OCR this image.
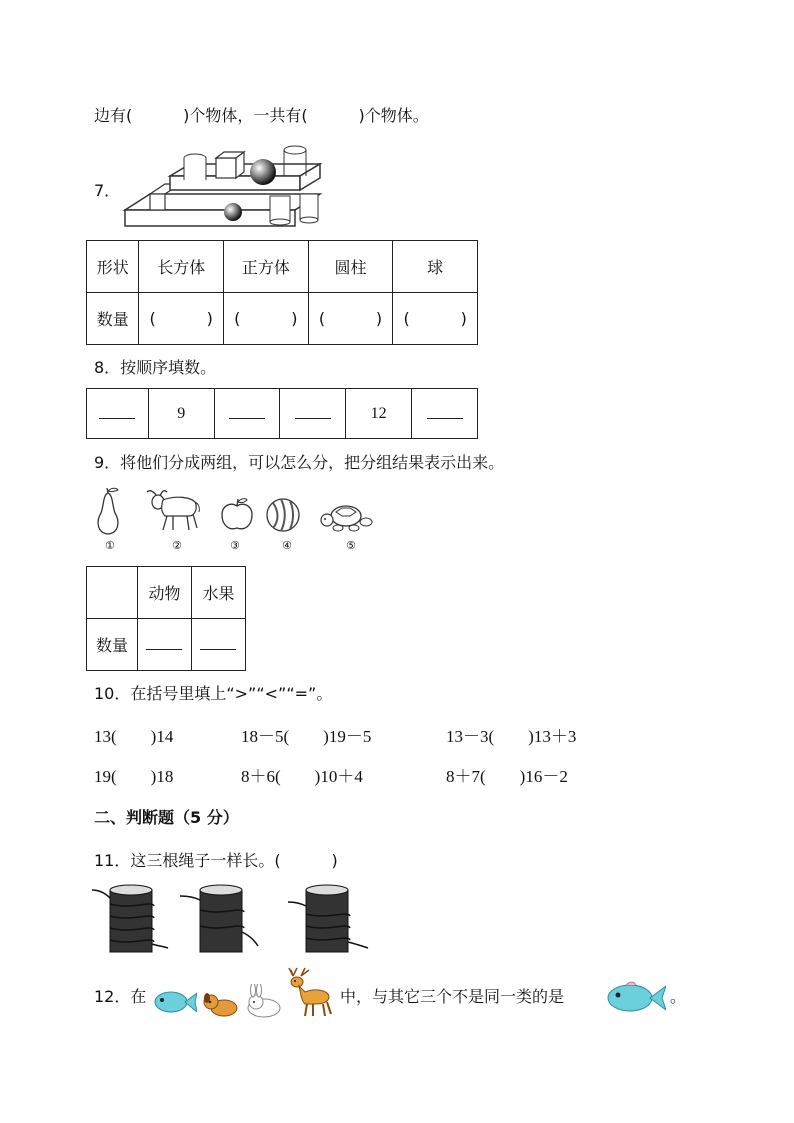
边有(          )个物体，一共有(          )个物体。
7．
形状	长方体	正方体	圆柱	球
数量	(          )	(          )	(          )	(          )
8．按顺序填数。
	9			12	
9．将他们分成两组，可以怎么分，把分组结果表示出来。
①	②	③	④	⑤
	动物	水果
数量		
10．在括号里填上“>”“<”“=”。
13(        )14	18－5(        )19－5	13－3(        )13＋3
19(        )18	8＋6(        )10＋4	8＋7(        )16－2
二、判断题（5 分）
11．这三根绳子一样长。(          )
12．在	中，与其它三个不是同一类的是	。
